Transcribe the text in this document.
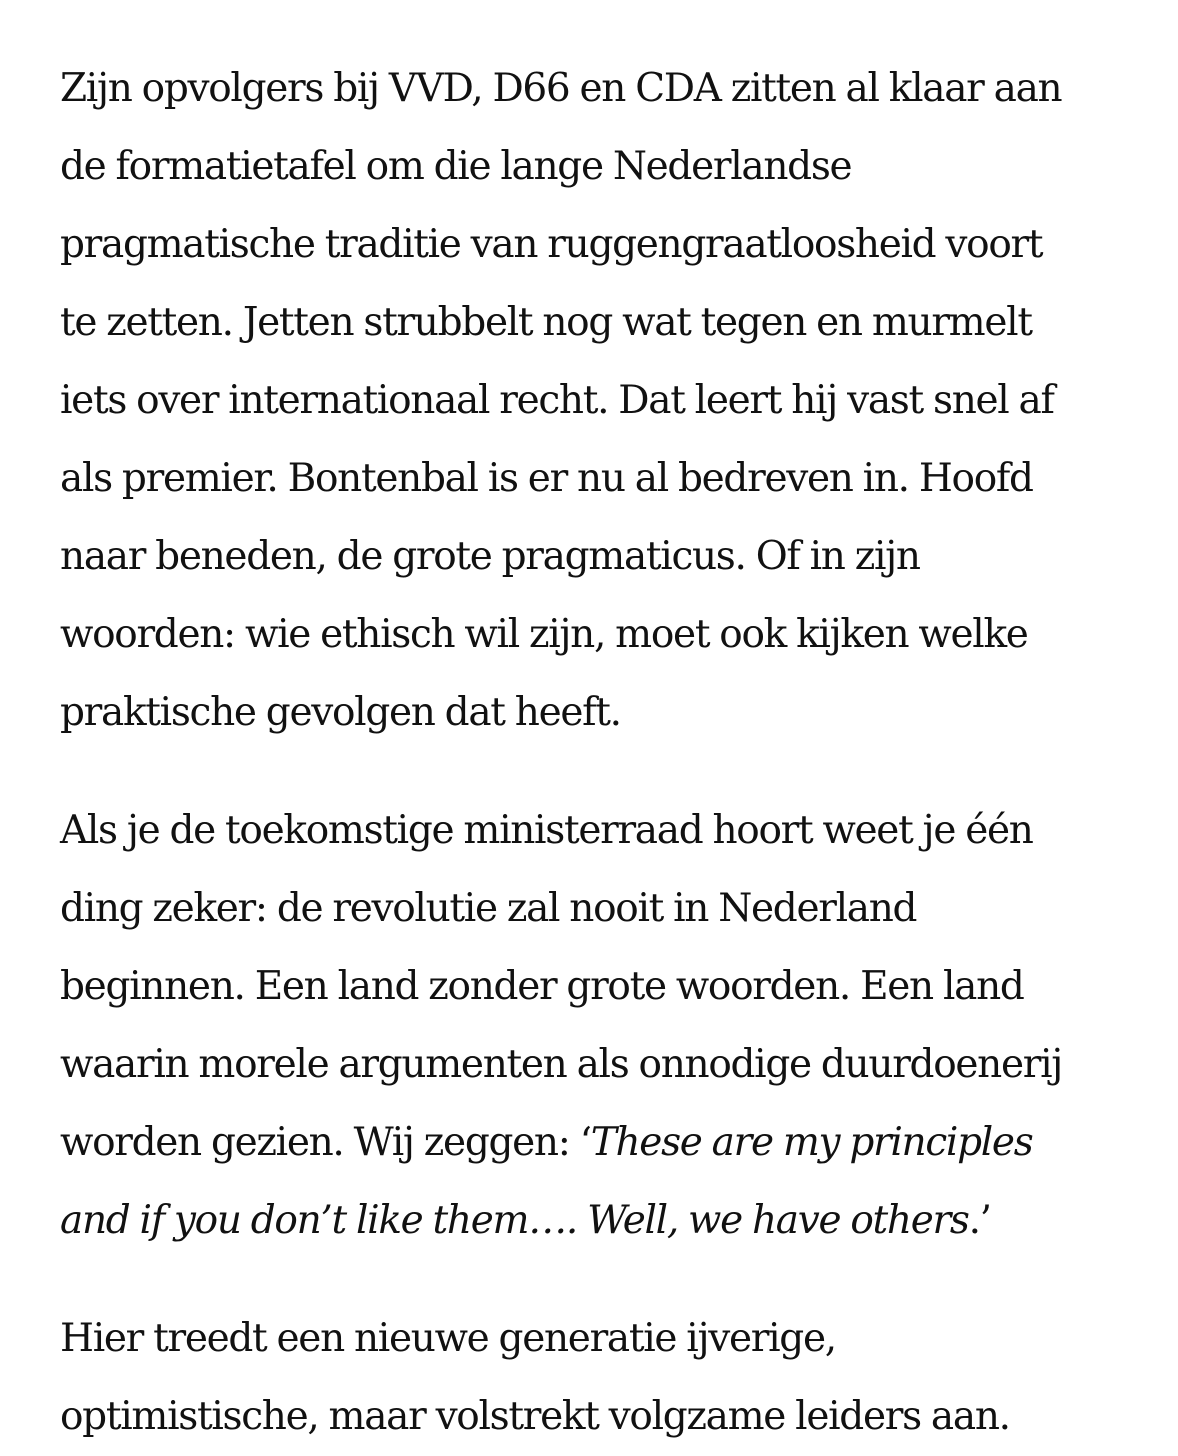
Zijn opvolgers bij VVD, D66 en CDA zitten al klaar aan
de formatietafel om die lange Nederlandse
pragmatische traditie van ruggengraatloosheid voort
te zetten. Jetten strubbelt nog wat tegen en murmelt
iets over internationaal recht. Dat leert hij vast snel af
als premier. Bontenbal is er nu al bedreven in. Hoofd
naar beneden, de grote pragmaticus. Of in zijn
woorden: wie ethisch wil zijn, moet ook kijken welke
praktische gevolgen dat heeft.

Als je de toekomstige ministerraad hoort weet je één
ding zeker: de revolutie zal nooit in Nederland
beginnen. Een land zonder grote woorden. Een land
waarin morele argumenten als onnodige duurdoenerij
worden gezien. Wij zeggen: ‘These are my principles
and if you don’t like them…. Well, we have others.’

Hier treedt een nieuwe generatie ijverige,
optimistische, maar volstrekt volgzame leiders aan.
